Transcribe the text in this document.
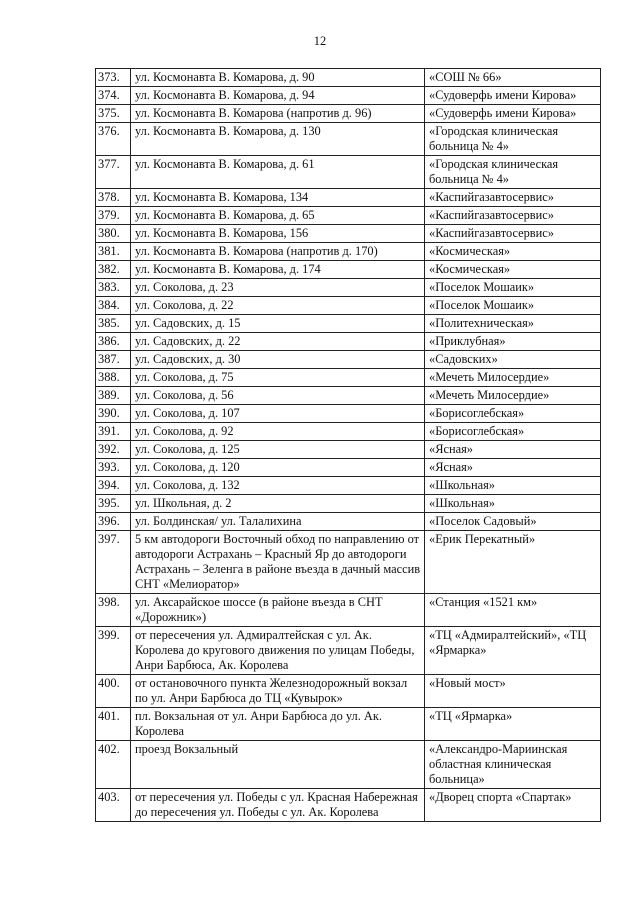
12
373.	ул. Космонавта В. Комарова, д. 90	«СОШ № 66»
374.	ул. Космонавта В. Комарова, д. 94	«Судоверфь имени Кирова»
375.	ул. Космонавта В. Комарова (напротив д. 96)	«Судоверфь имени Кирова»
376.	ул. Космонавта В. Комарова, д. 130	«Городская клиническая больница № 4»
377.	ул. Космонавта В. Комарова, д. 61	«Городская клиническая больница № 4»
378.	ул. Космонавта В. Комарова, 134	«Каспийгазавтосервис»
379.	ул. Космонавта В. Комарова, д. 65	«Каспийгазавтосервис»
380.	ул. Космонавта В. Комарова, 156	«Каспийгазавтосервис»
381.	ул. Космонавта В. Комарова (напротив д. 170)	«Космическая»
382.	ул. Космонавта В. Комарова, д. 174	«Космическая»
383.	ул. Соколова, д. 23	«Поселок Мошаик»
384.	ул. Соколова, д. 22	«Поселок Мошаик»
385.	ул. Садовских, д. 15	«Политехническая»
386.	ул. Садовских, д. 22	«Приклубная»
387.	ул. Садовских, д. 30	«Садовских»
388.	ул. Соколова, д. 75	«Мечеть Милосердие»
389.	ул. Соколова, д. 56	«Мечеть Милосердие»
390.	ул. Соколова, д. 107	«Борисоглебская»
391.	ул. Соколова, д. 92	«Борисоглебская»
392.	ул. Соколова, д. 125	«Ясная»
393.	ул. Соколова, д. 120	«Ясная»
394.	ул. Соколова, д. 132	«Школьная»
395.	ул. Школьная, д. 2	«Школьная»
396.	ул. Болдинская/ ул. Талалихина	«Поселок Садовый»
397.	5 км автодороги Восточный обход по направлению от автодороги Астрахань – Красный Яр до автодороги Астрахань – Зеленга в районе въезда в дачный массив СНТ «Мелиоратор»	«Ерик Перекатный»
398.	ул. Аксарайское шоссе (в районе въезда в СНТ «Дорожник»)	«Станция «1521 км»
399.	от пересечения ул. Адмиралтейская с ул. Ак. Королева до кругового движения по улицам Победы, Анри Барбюса, Ак. Королева	«ТЦ «Адмиралтейский», «ТЦ «Ярмарка»
400.	от остановочного пункта Железнодорожный вокзал по ул. Анри Барбюса до ТЦ «Кувырок»	«Новый мост»
401.	пл. Вокзальная от ул. Анри Барбюса до ул. Ак. Королева	«ТЦ «Ярмарка»
402.	проезд Вокзальный	«Александро-Мариинская областная клиническая больница»
403.	от пересечения ул. Победы с ул. Красная Набережная до пересечения ул. Победы с ул. Ак. Королева	«Дворец спорта «Спартак»
